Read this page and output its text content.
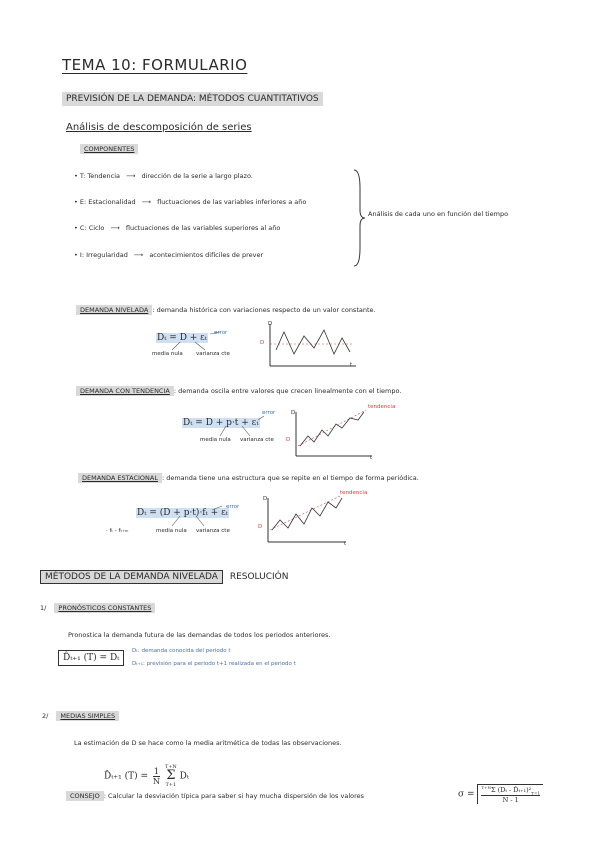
TEMA 10: FORMULARIO
PREVISIÓN DE LA DEMANDA: MÉTODOS CUANTITATIVOS
Análisis de descomposición de series
COMPONENTES
• T: Tendencia ⟶ dirección de la serie a largo plazo.
• E: Estacionalidad ⟶ fluctuaciones de las variables inferiores a año
• C: Ciclo ⟶ fluctuaciones de las variables superiores al año
• I: Irregularidad ⟶ acontecimientos difíciles de prever
Análisis de cada uno en función del tiempo
DEMANDA NIVELADA : demanda histórica con variaciones respecto de un valor constante.
Dₜ = D + εₜ error
media nula varianza cte
D
t
D
DEMANDA CON TENDENCIA : demanda oscila entre valores que crecen linealmente con el tiempo.
Dₜ = D + p·t + εₜ
error
media nula varianza cte
D
t
D
tendencia
DEMANDA ESTACIONAL : demanda tiene una estructura que se repite en el tiempo de forma periódica.
Dₜ = (D + p·t)·fₜ + εₜ
error
· fₜ - fₜ₊ₘ	media nula varianza cte
D
t
D
tendencia
MÉTODOS DE LA DEMANDA NIVELADA RESOLUCIÓN
1/ PRONÓSTICOS CONSTANTES
Pronostica la demanda futura de las demandas de todos los periodos anteriores.
D̂ₜ₊₁ (T) = Dₜ
Dₜ: demanda conocida del periodo t
Dₜ₊₁: previsión para el periodo t+1 realizada en el periodo t
2/ MEDIAS SIMPLES
La estimación de D se hace como la media aritmética de todas las observaciones.
D̂ₜ₊₁ $(T) = \frac{1}{N}$
T+N
Σ
T+1
Dₜ
CONSEJO : Calcular la desviación típica para saber si hay mucha dispersión de los valores	$\sigma = \frac{^{T+N}\Sigma (D_t - D̂_{t+1})^2_{T=1}}{N - 1}$
